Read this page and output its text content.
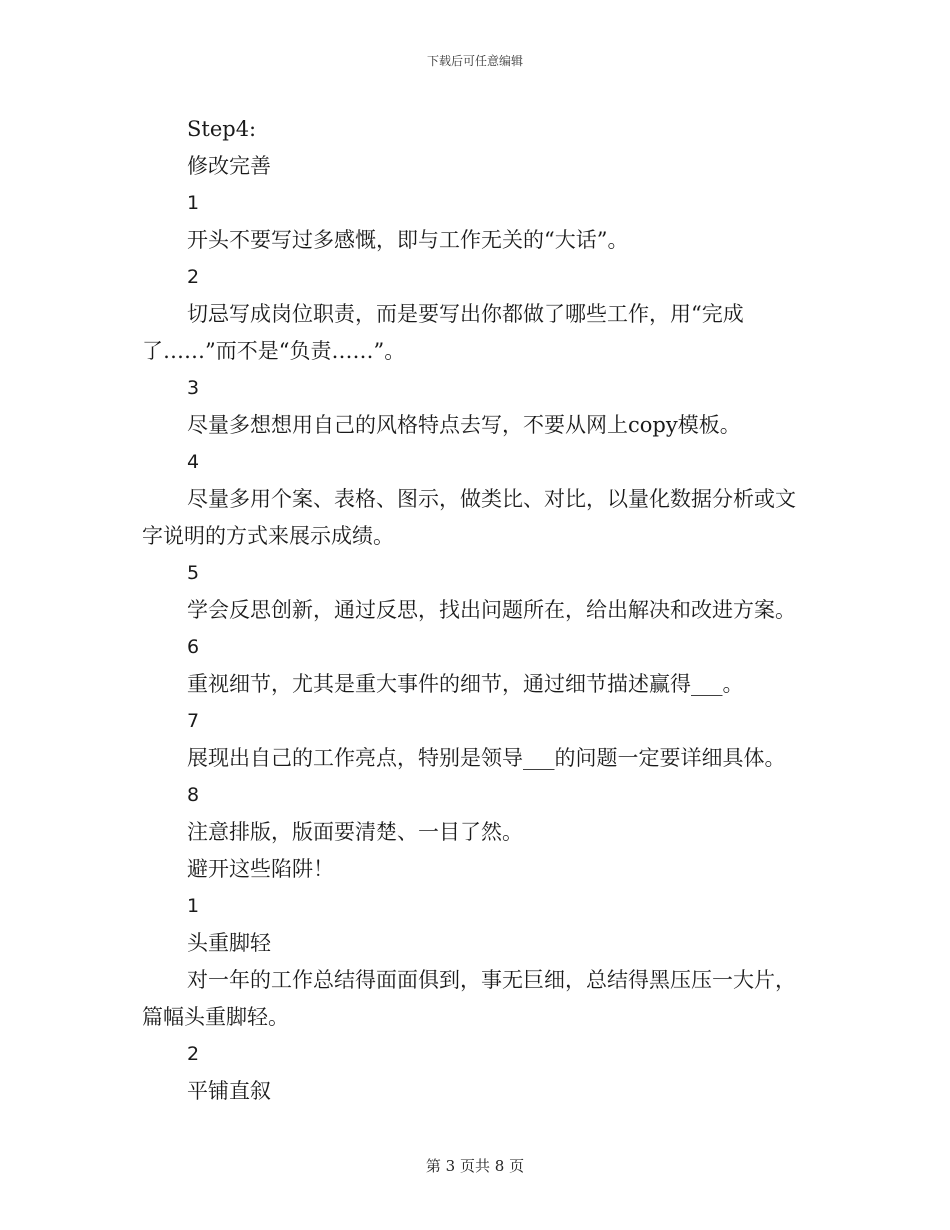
下载后可任意编辑

Step4:

修改完善

1

开头不要写过多感慨，即与工作无关的“大话”。

2

切忌写成岗位职责，而是要写出你都做了哪些工作，用“完成了……”而不是“负责……”。

3

尽量多想想用自己的风格特点去写，不要从网上copy模板。

4

尽量多用个案、表格、图示，做类比、对比，以量化数据分析或文字说明的方式来展示成绩。

5

学会反思创新，通过反思，找出问题所在，给出解决和改进方案。

6

重视细节，尤其是重大事件的细节，通过细节描述赢得___。

7

展现出自己的工作亮点，特别是领导___的问题一定要详细具体。

8

注意排版，版面要清楚、一目了然。

避开这些陷阱！

1

头重脚轻

对一年的工作总结得面面俱到，事无巨细，总结得黑压压一大片，篇幅头重脚轻。

2

平铺直叙

第 3 页共 8 页
